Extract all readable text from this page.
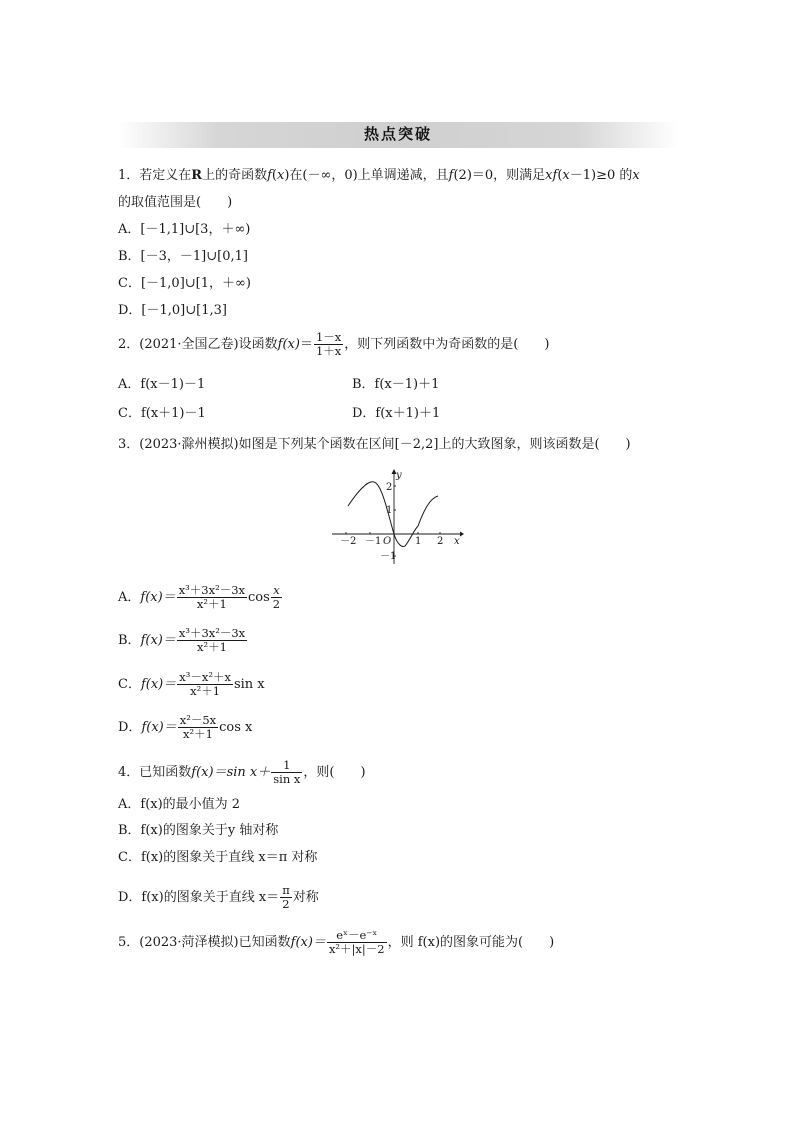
热点突破
1．若定义在R上的奇函数f(x)在(－∞，0)上单调递减，且f(2)＝0，则满足xf(x－1)≥0 的x
的取值范围是(　　)
A．[－1,1]∪[3，＋∞)
B．[－3，－1]∪[0,1]
C．[－1,0]∪[1，＋∞)
D．[－1,0]∪[1,3]
2．(2021·全国乙卷)设函数$f(x)= \frac{1-x}{1+x}$ ，则下列函数中为奇函数的是(　　)
A．f(x－1)－1	B．f(x－1)＋1
C．f(x＋1)－1	D．f(x＋1)＋1
3．(2023·滁州模拟)如图是下列某个函数在区间[－2,2]上的大致图象，则该函数是(　　)
y
x
O
－2 －1	1 2
2
1
－1
A．$f(x)= \frac{\text{x³＋3x²－3x}}{\text{x²＋1}}$ $\cos \frac{x}{2}$
B．$f(x)= \frac{\text{x³＋3x²－3x}}{\text{x²＋1}}$
C．$f(x)= \frac{\text{x³－x²＋x}}{\text{x²＋1}}$ sin x
D．$f(x)= \frac{\text{x²－5x}}{\text{x²＋1}}$ cos x
4．已知函数f(x)＝sin $x+ \frac{1}{\text{sin x}}$ ，则(　　)
A．f(x)的最小值为 2
B．f(x)的图象关于y 轴对称
C．f(x)的图象关于直线 x＝π 对称
D．f(x)的图象关于直线 $x= \frac{\pi}{2}$ 对称
5．(2023·菏泽模拟)已知函数$f(x)= \frac{\text{eˣ－e⁻ˣ}}{\text{x²＋|x|－2}}$ ，则 f(x)的图象可能为(　　)
